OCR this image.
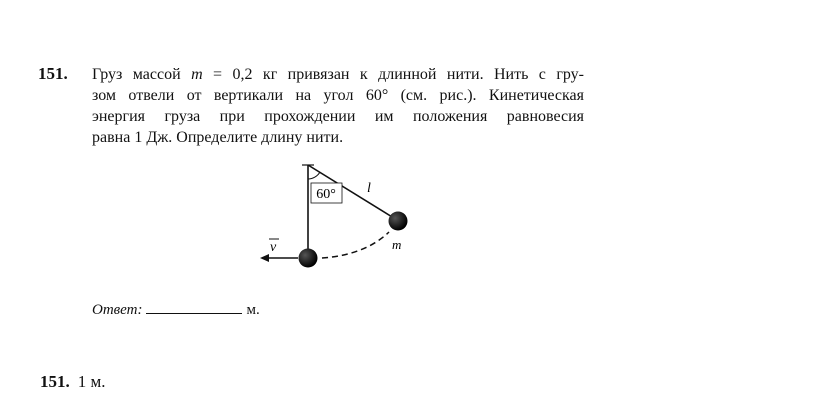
151. Груз массой m = 0,2 кг привязан к длинной нити. Нить с гру-
зом отвели от вертикали на угол 60° (см. рис.). Кинетическая
энергия груза при прохождении им положения равновесия
равна 1 Дж. Определите длину нити.
60° l
m
v
Ответ:	м.
151. 1 м.
